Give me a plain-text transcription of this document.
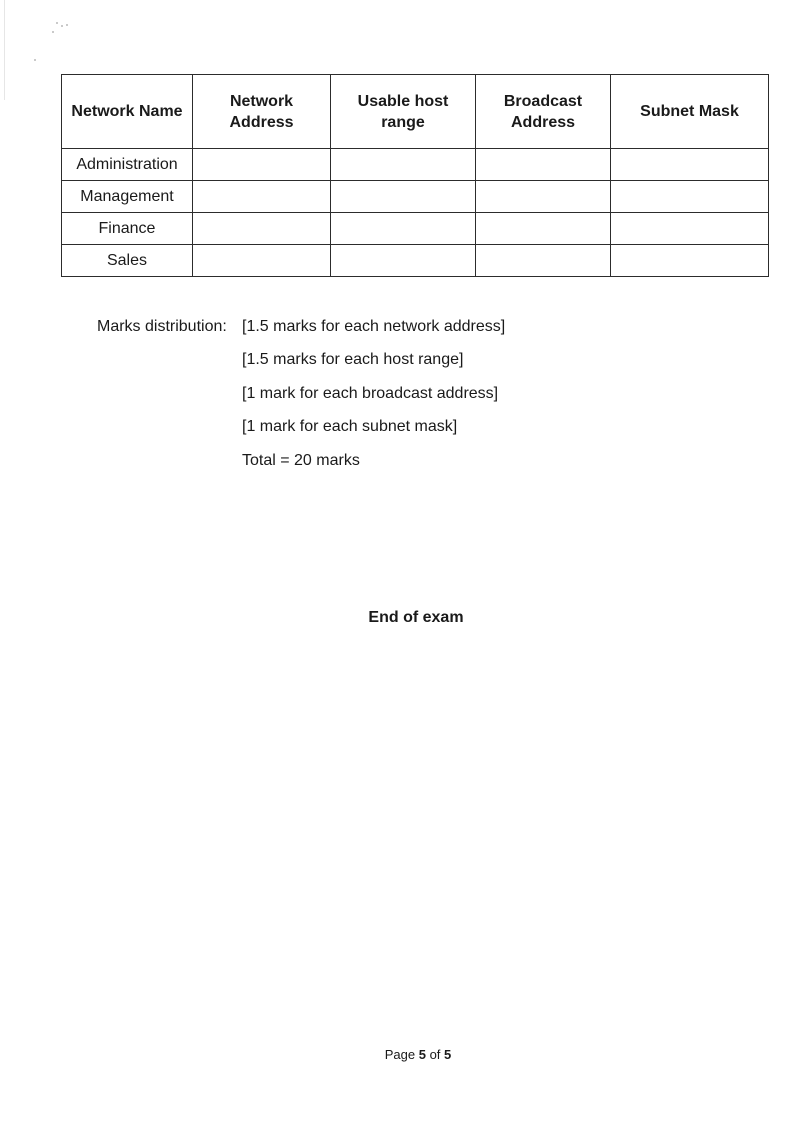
Network Name	Network Address	Usable host range	Broadcast Address	Subnet Mask
Administration				
Management				
Finance				
Sales				
Marks distribution: [1.5 marks for each network address]
[1.5 marks for each host range]
[1 mark for each broadcast address]
[1 mark for each subnet mask]
Total = 20 marks
End of exam
Page 5 of 5
